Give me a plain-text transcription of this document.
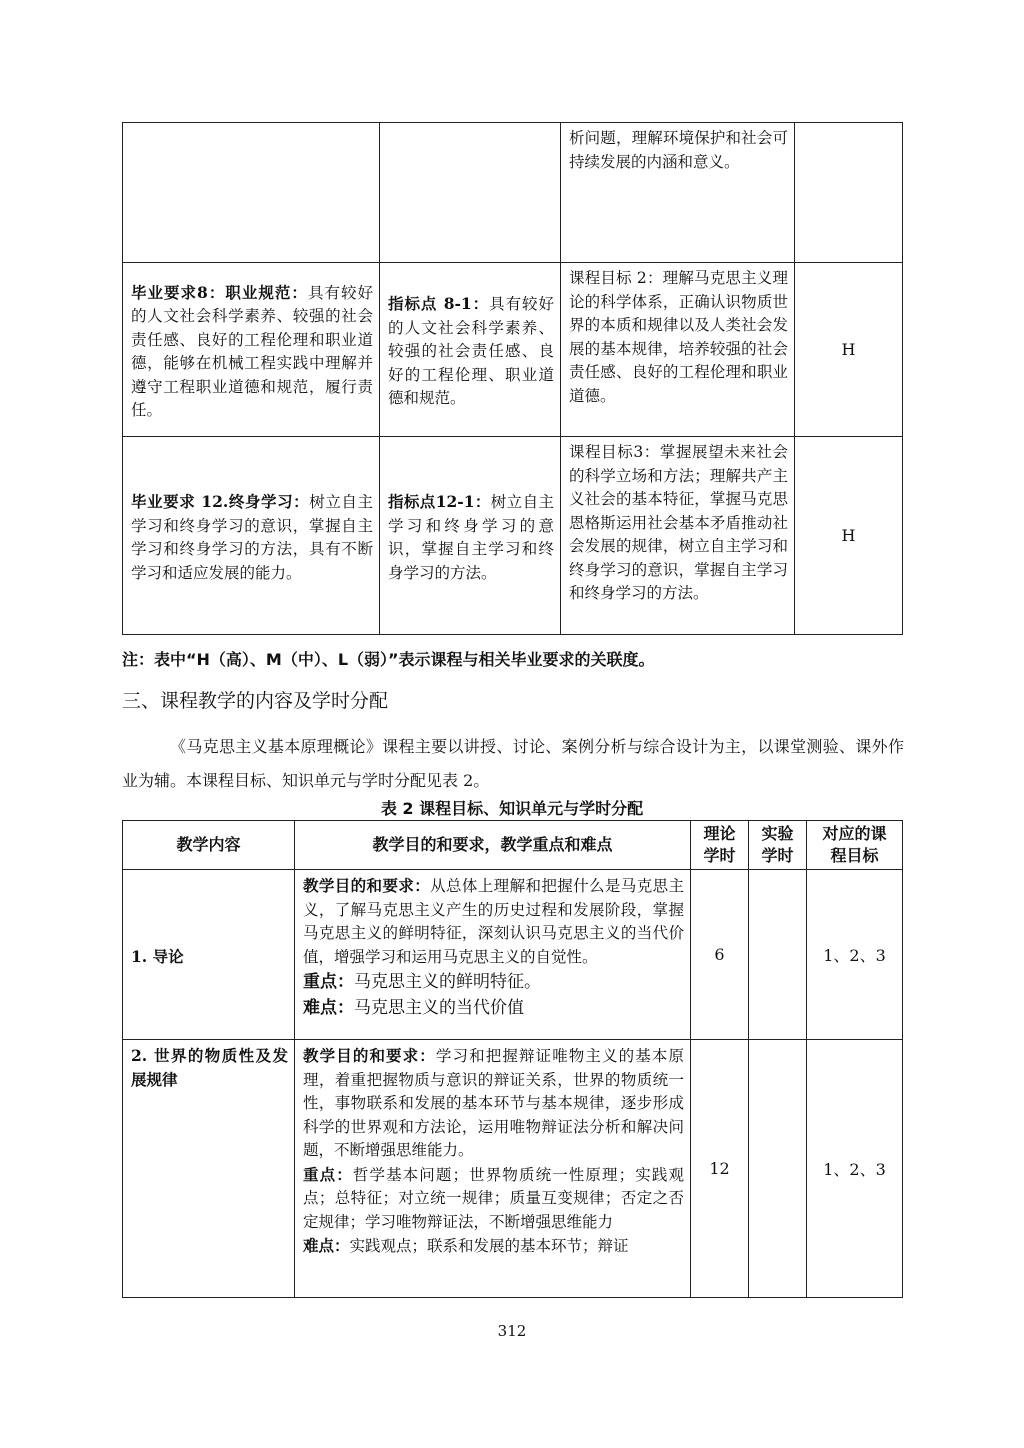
		析问题，理解环境保护和社会可持续发展的内涵和意义。	

毕业要求8：职业规范：具有较好的人文社会科学素养、较强的社会责任感、良好的工程伦理和职业道德，能够在机械工程实践中理解并遵守工程职业道德和规范，履行责任。	指标点 8-1：具有较好的人文社会科学素养、较强的社会责任感、良好的工程伦理、职业道德和规范。	课程目标 2：理解马克思主义理论的科学体系，正确认识物质世界的本质和规律以及人类社会发展的基本规律，培养较强的社会责任感、良好的工程伦理和职业道德。	H

毕业要求 12.终身学习：树立自主学习和终身学习的意识，掌握自主学习和终身学习的方法，具有不断学习和适应发展的能力。	指标点12-1：树立自主学习和终身学习的意识，掌握自主学习和终身学习的方法。	课程目标3：掌握展望未来社会的科学立场和方法；理解共产主义社会的基本特征，掌握马克思恩格斯运用社会基本矛盾推动社会发展的规律，树立自主学习和终身学习的意识，掌握自主学习和终身学习的方法。	H
注：表中“H（高）、M（中）、L（弱）”表示课程与相关毕业要求的关联度。
三、课程教学的内容及学时分配
《马克思主义基本原理概论》课程主要以讲授、讨论、案例分析与综合设计为主，以课堂测验、课外作业为辅。本课程目标、知识单元与学时分配见表 2。
表 2 课程目标、知识单元与学时分配
教学内容	教学目的和要求，教学重点和难点	理论学时	实验学时	对应的课程目标

1. 导论	教学目的和要求：从总体上理解和把握什么是马克思主义，了解马克思主义产生的历史过程和发展阶段，掌握马克思主义的鲜明特征，深刻认识马克思主义的当代价值，增强学习和运用马克思主义的自觉性。
重点：马克思主义的鲜明特征。
难点：马克思主义的当代价值	6		1、2、3

2. 世界的物质性及发展规律	教学目的和要求：学习和把握辩证唯物主义的基本原理，着重把握物质与意识的辩证关系，世界的物质统一性，事物联系和发展的基本环节与基本规律，逐步形成科学的世界观和方法论，运用唯物辩证法分析和解决问题，不断增强思维能力。
重点：哲学基本问题；世界物质统一性原理；实践观点；总特征；对立统一规律；质量互变规律；否定之否定规律；学习唯物辩证法，不断增强思维能力
难点：实践观点；联系和发展的基本环节；辩证	12		1、2、3
312
